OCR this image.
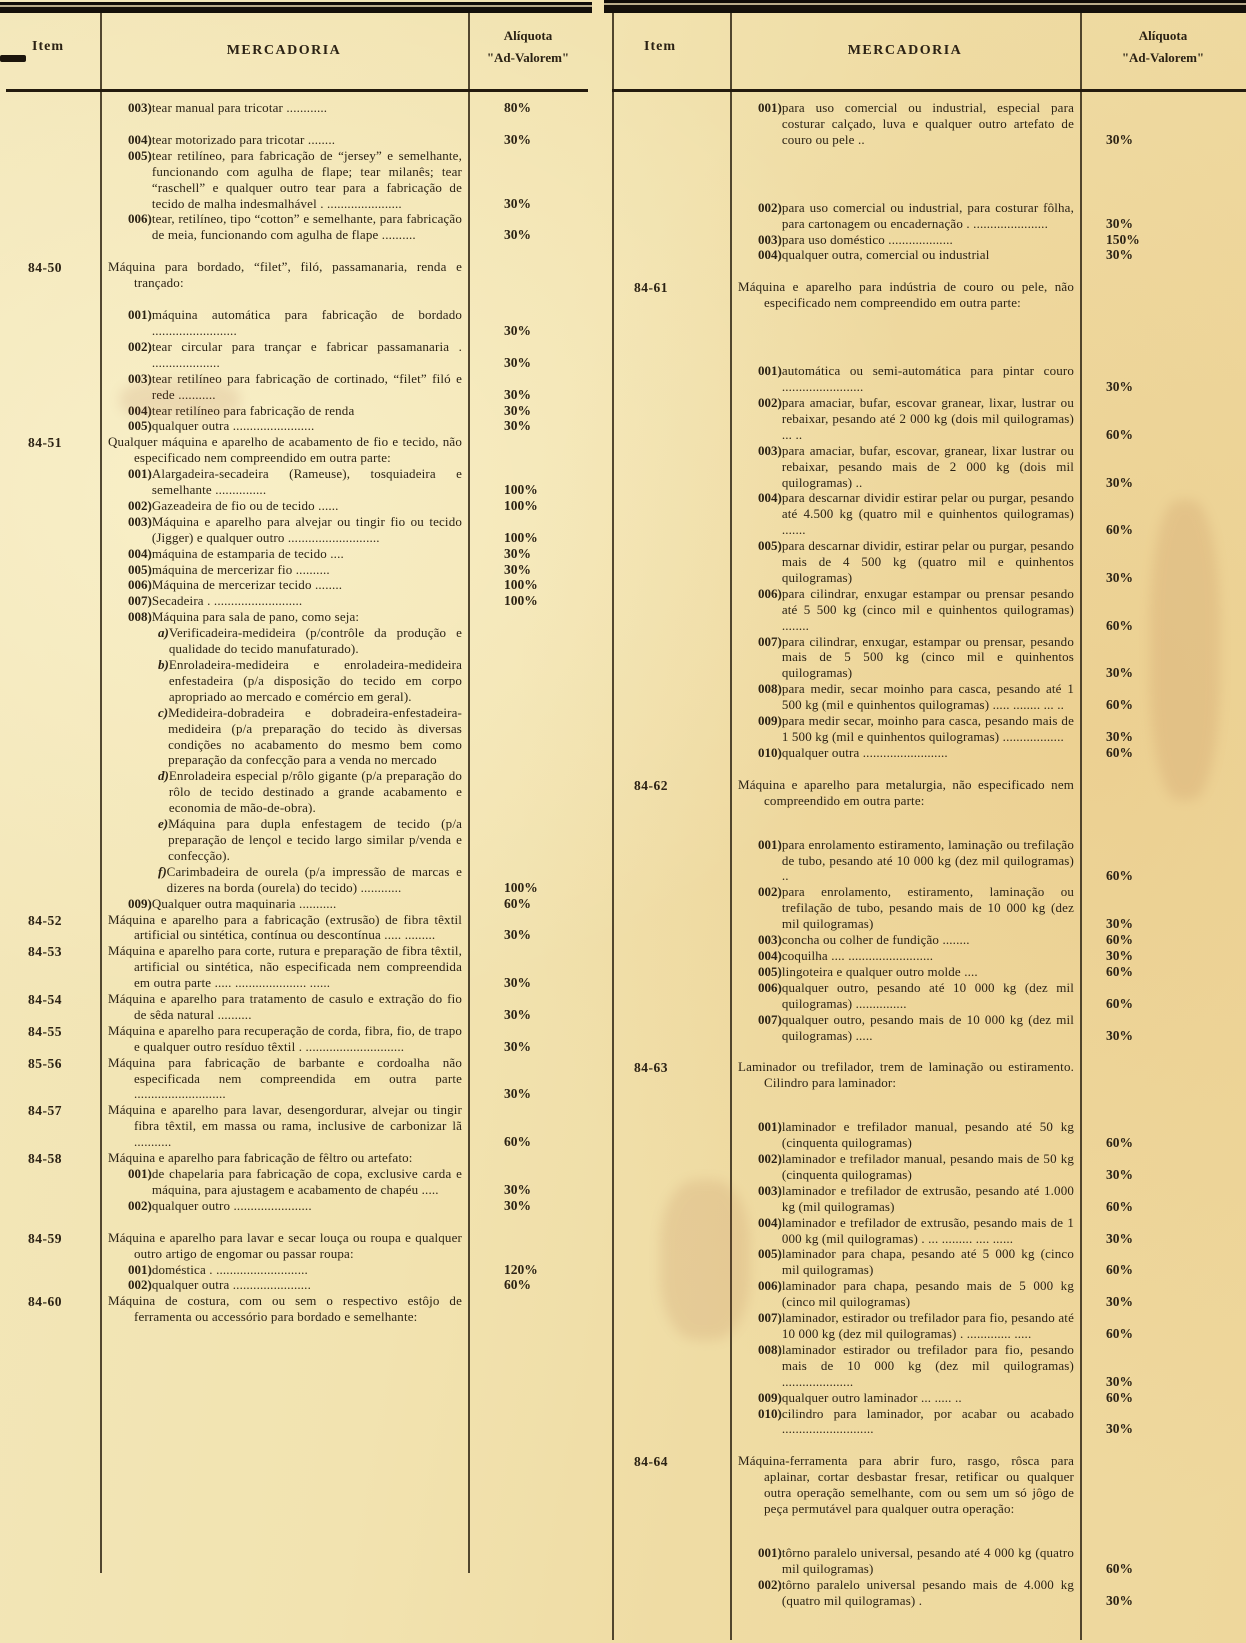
Item	MERCADORIA
Alíquota
"Ad-Valorem"
003) tear manual para tricotar ............	80%
004) tear motorizado para tricotar ........	30%
005) tear retilíneo, para fabricação de “jersey” e semelhante, funcionando com agulha de flape; tear milanês; tear “raschell” e qualquer outro tear para a fabricação de tecido de malha indesmalhável . ......................	30%
006) tear, retilíneo, tipo “cotton” e semelhante, para fabricação de meia, funcionando com agulha de flape ..........	30%
84-50	Máquina para bordado, “filet”, filó, passamanaria, renda e trançado:
001) máquina automática para fabricação de bordado .........................	30%
002) tear circular para trançar e fabricar passamanaria . ....................	30%
003) tear retilíneo para fabricação de cortinado, “filet” filó e rede ...........	30%
004) tear retilíneo para fabricação de renda	30%
005) qualquer outra ........................	30%
84-51	Qualquer máquina e aparelho de acabamento de fio e tecido, não especificado nem compreendido em outra parte:
001) Alargadeira-secadeira (Rameuse), tosquiadeira e semelhante ...............	100%
002) Gazeadeira de fio ou de tecido ......	100%
003) Máquina e aparelho para alvejar ou tingir fio ou tecido (Jigger) e qualquer outro ...........................	100%
004) máquina de estamparia de tecido ....	30%
005) máquina de mercerizar fio ..........	30%
006) Máquina de mercerizar tecido ........	100%
007) Secadeira . ..........................	100%
008) Máquina para sala de pano, como seja:
a) Verificadeira-medideira (p/contrôle da produção e qualidade do tecido manufaturado).
b) Enroladeira-medideira e enroladeira-medideira enfestadeira (p/a disposição do tecido em corpo apropriado ao mercado e comércio em geral).
c) Medideira-dobradeira e dobradeira-enfestadeira-medideira (p/a preparação do tecido às diversas condições no acabamento do mesmo bem como preparação da confecção para a venda no mercado
d) Enroladeira especial p/rôlo gigante (p/a preparação do rôlo de tecido destinado a grande acabamento e economia de mão-de-obra).
e) Máquina para dupla enfestagem de tecido (p/a preparação de lençol e tecido largo similar p/venda e confecção).
f) Carimbadeira de ourela (p/a impressão de marcas e dizeres na borda (ourela) do tecido) ............	100%
009) Qualquer outra maquinaria ...........	60%
84-52	Máquina e aparelho para a fabricação (extrusão) de fibra têxtil artificial ou sintética, contínua ou descontínua ..... .........	30%
84-53	Máquina e aparelho para corte, rutura e preparação de fibra têxtil, artificial ou sintética, não especificada nem compreendida em outra parte ..... ..................... ......	30%
84-54	Máquina e aparelho para tratamento de casulo e extração do fio de sêda natural ..........	30%
84-55	Máquina e aparelho para recuperação de corda, fibra, fio, de trapo e qualquer outro resíduo têxtil . .............................	30%
85-56	Máquina para fabricação de barbante e cordoalha não especificada nem compreendida em outra parte ...........................	30%
84-57	Máquina e aparelho para lavar, desengordurar, alvejar ou tingir fibra têxtil, em massa ou rama, inclusive de carbonizar lã ...........	60%
84-58	Máquina e aparelho para fabricação de fêltro ou artefato:
001) de chapelaria para fabricação de copa, exclusive carda e máquina, para ajustagem e acabamento de chapéu .....	30%
002) qualquer outro .......................	30%
84-59	Máquina e aparelho para lavar e secar louça ou roupa e qualquer outro artigo de engomar ou passar roupa:
001) doméstica . ...........................	120%
002) qualquer outra .......................	60%
84-60	Máquina de costura, com ou sem o respectivo estôjo de ferramenta ou accessório para bordado e semelhante:
Item	MERCADORIA
Alíquota
"Ad-Valorem"
001) para uso comercial ou industrial, especial para costurar calçado, luva e qualquer outro artefato de couro ou pele ..	30%
002) para uso comercial ou industrial, para costurar fôlha, para cartonagem ou encadernação . ......................	30%
003) para uso doméstico ...................	150%
004) qualquer outra, comercial ou industrial	30%
84-61	Máquina e aparelho para indústria de couro ou pele, não especificado nem compreendido em outra parte:
001) automática ou semi-automática para pintar couro ........................	30%
002) para amaciar, bufar, escovar granear, lixar, lustrar ou rebaixar, pesando até 2 000 kg (dois mil quilogramas) ... ..	60%
003) para amaciar, bufar, escovar, granear, lixar lustrar ou rebaixar, pesando mais de 2 000 kg (dois mil quilogramas) ..	30%
004) para descarnar dividir estirar pelar ou purgar, pesando até 4.500 kg (quatro mil e quinhentos quilogramas) .......	60%
005) para descarnar dividir, estirar pelar ou purgar, pesando mais de 4 500 kg (quatro mil e quinhentos quilogramas)	30%
006) para cilindrar, enxugar estampar ou prensar pesando até 5 500 kg (cinco mil e quinhentos quilogramas) ........	60%
007) para cilindrar, enxugar, estampar ou prensar, pesando mais de 5 500 kg (cinco mil e quinhentos quilogramas)	30%
008) para medir, secar moinho para casca, pesando até 1 500 kg (mil e quinhentos quilogramas) ..... ........ ... ..	60%
009) para medir secar, moinho para casca, pesando mais de 1 500 kg (mil e quinhentos quilogramas) ..................	30%
010) qualquer outra .........................	60%
84-62	Máquina e aparelho para metalurgia, não especificado nem compreendido em outra parte:
001) para enrolamento estiramento, laminação ou trefilação de tubo, pesando até 10 000 kg (dez mil quilogramas) ..	60%
002) para enrolamento, estiramento, laminação ou trefilação de tubo, pesando mais de 10 000 kg (dez mil quilogramas)	30%
003) concha ou colher de fundição ........	60%
004) coquilha .... .........................	30%
005) lingoteira e qualquer outro molde ....	60%
006) qualquer outro, pesando até 10 000 kg (dez mil quilogramas) ...............	60%
007) qualquer outro, pesando mais de 10 000 kg (dez mil quilogramas) .....	30%
84-63	Laminador ou trefilador, trem de laminação ou estiramento. Cilindro para laminador:
001) laminador e trefilador manual, pesando até 50 kg (cinquenta quilogramas)	60%
002) laminador e trefilador manual, pesando mais de 50 kg (cinquenta quilogramas)	30%
003) laminador e trefilador de extrusão, pesando até 1.000 kg (mil quilogramas)	60%
004) laminador e trefilador de extrusão, pesando mais de 1 000 kg (mil quilogramas) . ... ......... .... ......	30%
005) laminador para chapa, pesando até 5 000 kg (cinco mil quilogramas)	60%
006) laminador para chapa, pesando mais de 5 000 kg (cinco mil quilogramas)	30%
007) laminador, estirador ou trefilador para fio, pesando até 10 000 kg (dez mil quilogramas) . ............. .....	60%
008) laminador estirador ou trefilador para fio, pesando mais de 10 000 kg (dez mil quilogramas) .....................	30%
009) qualquer outro laminador ... ..... ..	60%
010) cilindro para laminador, por acabar ou acabado ...........................	30%
84-64	Máquina-ferramenta para abrir furo, rasgo, rôsca para aplainar, cortar desbastar fresar, retificar ou qualquer outra operação semelhante, com ou sem um só jôgo de peça permutável para qualquer outra operação:
001) tôrno paralelo universal, pesando até 4 000 kg (quatro mil quilogramas)	60%
002) tôrno paralelo universal pesando mais de 4.000 kg (quatro mil quilogramas) .	30%
